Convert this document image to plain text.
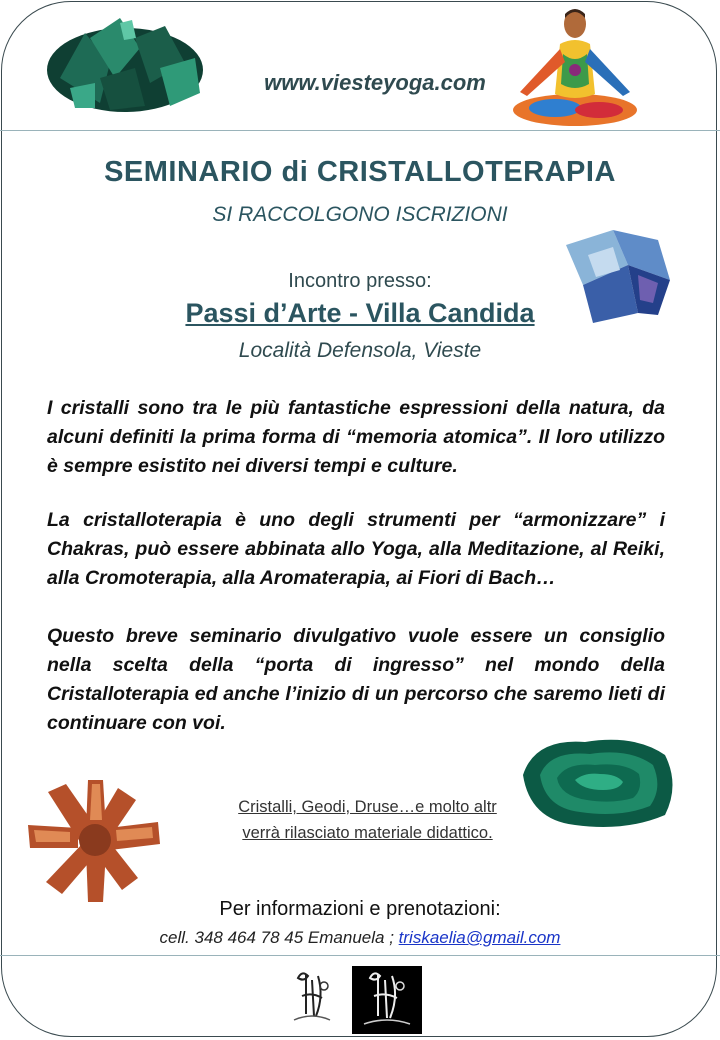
www.viesteyoga.com
SEMINARIO di CRISTALLOTERAPIA
SI RACCOLGONO ISCRIZIONI
Incontro presso:
Passi d’Arte - Villa Candida
Località Defensola, Vieste
I cristalli sono tra le più fantastiche espressioni della natura, da alcuni definiti la prima forma di “memoria atomica”. Il loro utilizzo è sempre esistito nei diversi tempi e culture.
La cristalloterapia è uno degli strumenti per “armonizzare” i Chakras, può essere abbinata allo Yoga, alla Meditazione, al Reiki, alla Cromoterapia, alla Aromaterapia, ai Fiori di Bach…
Questo breve seminario divulgativo vuole essere un consiglio nella scelta della “porta di ingresso” nel mondo della Cristalloterapia ed anche l’inizio di un percorso che saremo lieti di continuare con voi.
Cristalli, Geodi, Druse…e molto altr
verrà rilasciato materiale didattico.
Per informazioni e prenotazioni:
cell. 348 464 78 45 Emanuela ; triskaelia@gmail.com
